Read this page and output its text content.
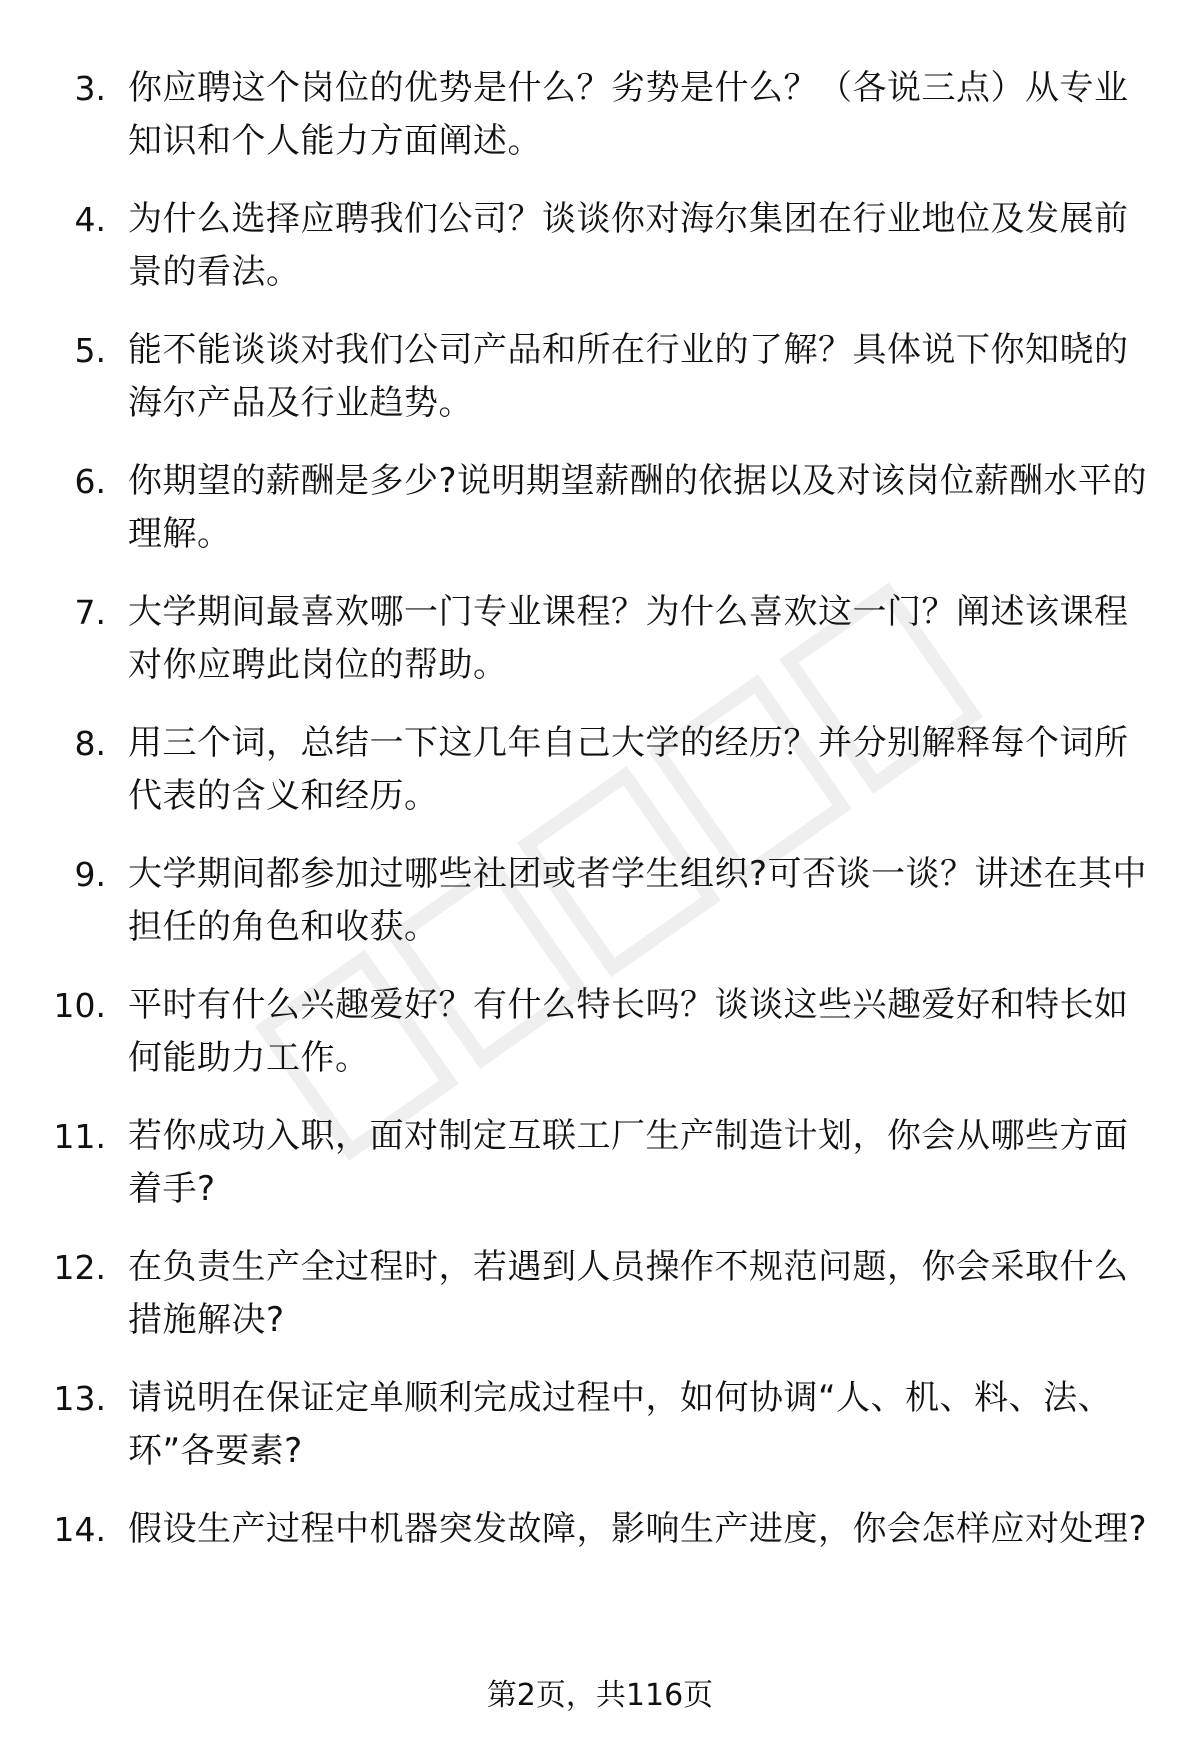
3. 你应聘这个岗位的优势是什么？劣势是什么？（各说三点）从专业知识和个人能力方面阐述。
4. 为什么选择应聘我们公司？谈谈你对海尔集团在行业地位及发展前景的看法。
5. 能不能谈谈对我们公司产品和所在行业的了解？具体说下你知晓的海尔产品及行业趋势。
6. 你期望的薪酬是多少?说明期望薪酬的依据以及对该岗位薪酬水平的理解。
7. 大学期间最喜欢哪一门专业课程？为什么喜欢这一门？阐述该课程对你应聘此岗位的帮助。
8. 用三个词，总结一下这几年自己大学的经历？并分别解释每个词所代表的含义和经历。
9. 大学期间都参加过哪些社团或者学生组织?可否谈一谈？讲述在其中担任的角色和收获。
10. 平时有什么兴趣爱好？有什么特长吗？谈谈这些兴趣爱好和特长如何能助力工作。
11. 若你成功入职，面对制定互联工厂生产制造计划，你会从哪些方面着手?
12. 在负责生产全过程时，若遇到人员操作不规范问题，你会采取什么措施解决?
13. 请说明在保证定单顺利完成过程中，如何协调“人、机、料、法、环”各要素?
14. 假设生产过程中机器突发故障，影响生产进度，你会怎样应对处理?
第2页，共116页
